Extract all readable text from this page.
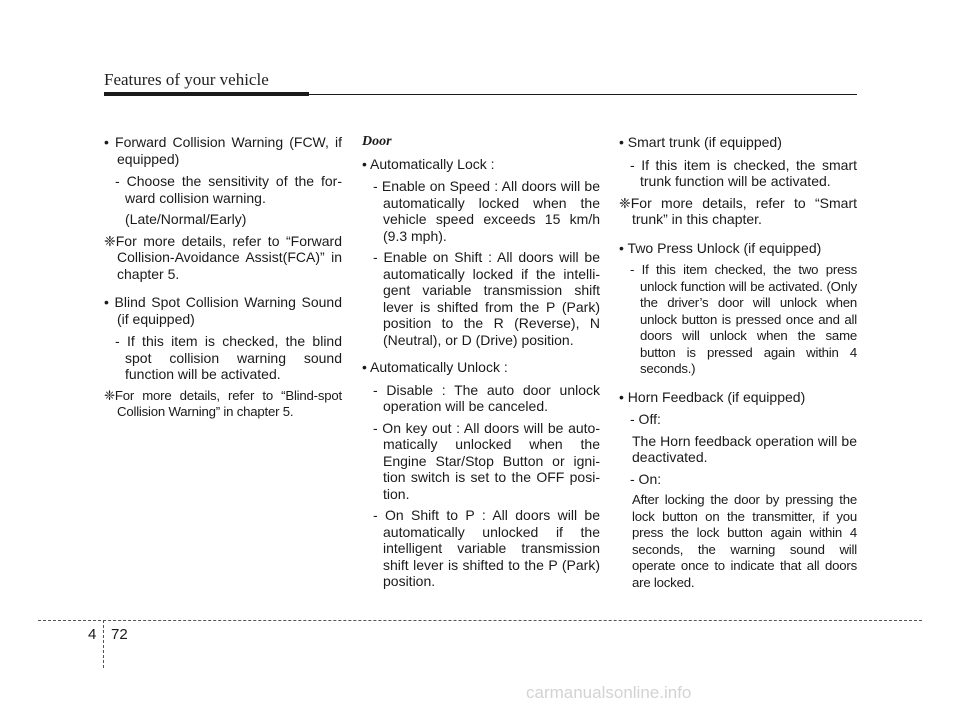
Features of your vehicle

• Forward Collision Warning (FCW, if equipped)

- Choose the sensitivity of the for-ward collision warning.

(Late/Normal/Early)

❈For more details, refer to “Forward Collision-Avoidance Assist(FCA)” in chapter 5.

• Blind Spot Collision Warning Sound (if equipped)

- If this item is checked, the blind spot collision warning sound function will be activated.

❈For more details, refer to “Blind-spot Collision Warning” in chapter 5.

Door

• Automatically Lock :

- Enable on Speed : All doors will be automatically locked when the vehicle speed exceeds 15 km/h (9.3 mph).

- Enable on Shift : All doors will be automatically locked if the intelli-gent variable transmission shift lever is shifted from the P (Park) position to the R (Reverse), N (Neutral), or D (Drive) position.

• Automatically Unlock :

- Disable : The auto door unlock operation will be canceled.

- On key out : All doors will be auto-matically unlocked when the Engine Star/Stop Button or igni-tion switch is set to the OFF posi-tion.

- On Shift to P : All doors will be automatically unlocked if the intelligent variable transmission shift lever is shifted to the P (Park) position.

• Smart trunk (if equipped)

- If this item is checked, the smart trunk function will be activated.

❈For more details, refer to “Smart trunk” in this chapter.

• Two Press Unlock (if equipped)

- If this item checked, the two press unlock function will be activated. (Only the driver’s door will unlock when unlock button is pressed once and all doors will unlock when the same button is pressed again within 4 seconds.)

• Horn Feedback (if equipped)

- Off:

The Horn feedback operation will be deactivated.

- On:

After locking the door by pressing the lock button on the transmitter, if you press the lock button again within 4 seconds, the warning sound will operate once to indicate that all doors are locked.

4 72
carmanualsonline.info
